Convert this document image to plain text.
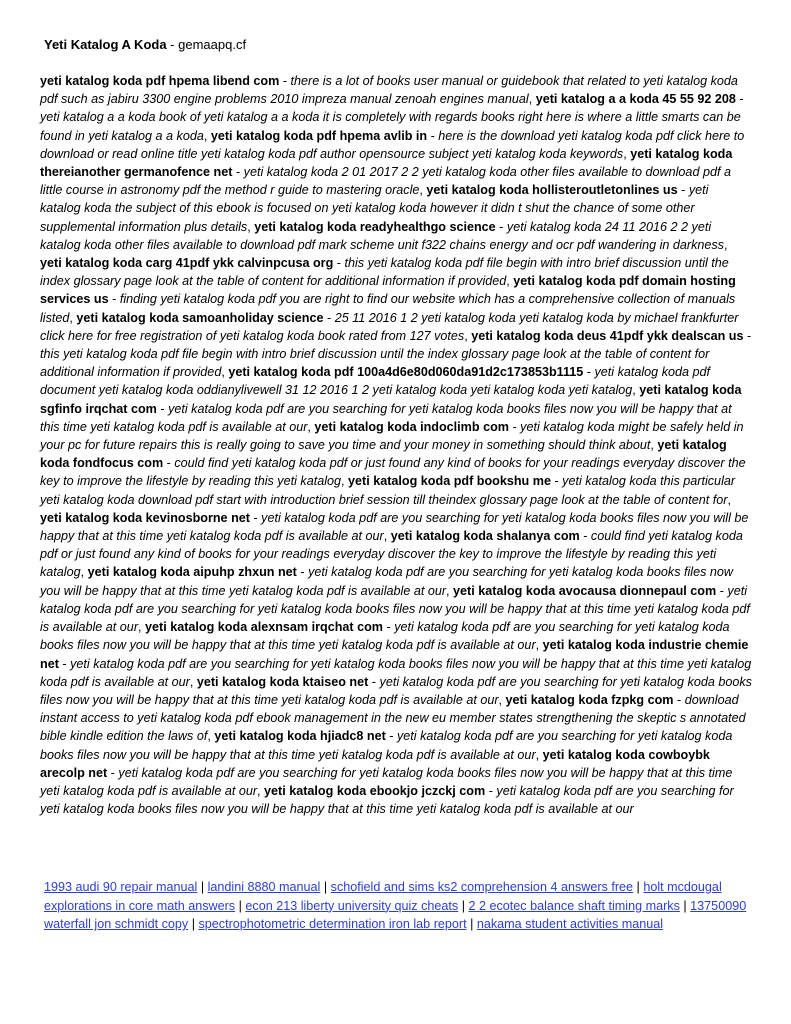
Yeti Katalog A Koda - gemaapq.cf
yeti katalog koda pdf hpema libend com - there is a lot of books user manual or guidebook that related to yeti katalog koda pdf such as jabiru 3300 engine problems 2010 impreza manual zenoah engines manual, yeti katalog a a koda 45 55 92 208 - yeti katalog a a koda book of yeti katalog a a koda it is completely with regards books right here is where a little smarts can be found in yeti katalog a a koda, yeti katalog koda pdf hpema avlib in - here is the download yeti katalog koda pdf click here to download or read online title yeti katalog koda pdf author opensource subject yeti katalog koda keywords, yeti katalog koda thereianother germanofence net - yeti katalog koda 2 01 2017 2 2 yeti katalog koda other files available to download pdf a little course in astronomy pdf the method r guide to mastering oracle, yeti katalog koda hollisteroutletonlines us - yeti katalog koda the subject of this ebook is focused on yeti katalog koda however it didn t shut the chance of some other supplemental information plus details, yeti katalog koda readyhealthgo science - yeti katalog koda 24 11 2016 2 2 yeti katalog koda other files available to download pdf mark scheme unit f322 chains energy and ocr pdf wandering in darkness, yeti katalog koda carg 41pdf ykk calvinpcusa org - this yeti katalog koda pdf file begin with intro brief discussion until the index glossary page look at the table of content for additional information if provided, yeti katalog koda pdf domain hosting services us - finding yeti katalog koda pdf you are right to find our website which has a comprehensive collection of manuals listed, yeti katalog koda samoanholiday science - 25 11 2016 1 2 yeti katalog koda yeti katalog koda by michael frankfurter click here for free registration of yeti katalog koda book rated from 127 votes, yeti katalog koda deus 41pdf ykk dealscan us - this yeti katalog koda pdf file begin with intro brief discussion until the index glossary page look at the table of content for additional information if provided, yeti katalog koda pdf 100a4d6e80d060da91d2c173853b1115 - yeti katalog koda pdf document yeti katalog koda oddianylivewell 31 12 2016 1 2 yeti katalog koda yeti katalog koda yeti katalog, yeti katalog koda sgfinfo irqchat com - yeti katalog koda pdf are you searching for yeti katalog koda books files now you will be happy that at this time yeti katalog koda pdf is available at our, yeti katalog koda indoclimb com - yeti katalog koda might be safely held in your pc for future repairs this is really going to save you time and your money in something should think about, yeti katalog koda fondfocus com - could find yeti katalog koda pdf or just found any kind of books for your readings everyday discover the key to improve the lifestyle by reading this yeti katalog, yeti katalog koda pdf bookshu me - yeti katalog koda this particular yeti katalog koda download pdf start with introduction brief session till theindex glossary page look at the table of content for, yeti katalog koda kevinosborne net - yeti katalog koda pdf are you searching for yeti katalog koda books files now you will be happy that at this time yeti katalog koda pdf is available at our, yeti katalog koda shalanya com - could find yeti katalog koda pdf or just found any kind of books for your readings everyday discover the key to improve the lifestyle by reading this yeti katalog, yeti katalog koda aipuhp zhxun net - yeti katalog koda pdf are you searching for yeti katalog koda books files now you will be happy that at this time yeti katalog koda pdf is available at our, yeti katalog koda avocausa dionnepaul com - yeti katalog koda pdf are you searching for yeti katalog koda books files now you will be happy that at this time yeti katalog koda pdf is available at our, yeti katalog koda alexnsam irqchat com - yeti katalog koda pdf are you searching for yeti katalog koda books files now you will be happy that at this time yeti katalog koda pdf is available at our, yeti katalog koda industrie chemie net - yeti katalog koda pdf are you searching for yeti katalog koda books files now you will be happy that at this time yeti katalog koda pdf is available at our, yeti katalog koda ktaiseo net - yeti katalog koda pdf are you searching for yeti katalog koda books files now you will be happy that at this time yeti katalog koda pdf is available at our, yeti katalog koda fzpkg com - download instant access to yeti katalog koda pdf ebook management in the new eu member states strengthening the skeptic s annotated bible kindle edition the laws of, yeti katalog koda hjiadc8 net - yeti katalog koda pdf are you searching for yeti katalog koda books files now you will be happy that at this time yeti katalog koda pdf is available at our, yeti katalog koda cowboybk arecolp net - yeti katalog koda pdf are you searching for yeti katalog koda books files now you will be happy that at this time yeti katalog koda pdf is available at our, yeti katalog koda ebookjo jczckj com - yeti katalog koda pdf are you searching for yeti katalog koda books files now you will be happy that at this time yeti katalog koda pdf is available at our
1993 audi 90 repair manual | landini 8880 manual | schofield and sims ks2 comprehension 4 answers free | holt mcdougal explorations in core math answers | econ 213 liberty university quiz cheats | 2 2 ecotec balance shaft timing marks | 13750090 waterfall jon schmidt copy | spectrophotometric determination iron lab report | nakama student activities manual
